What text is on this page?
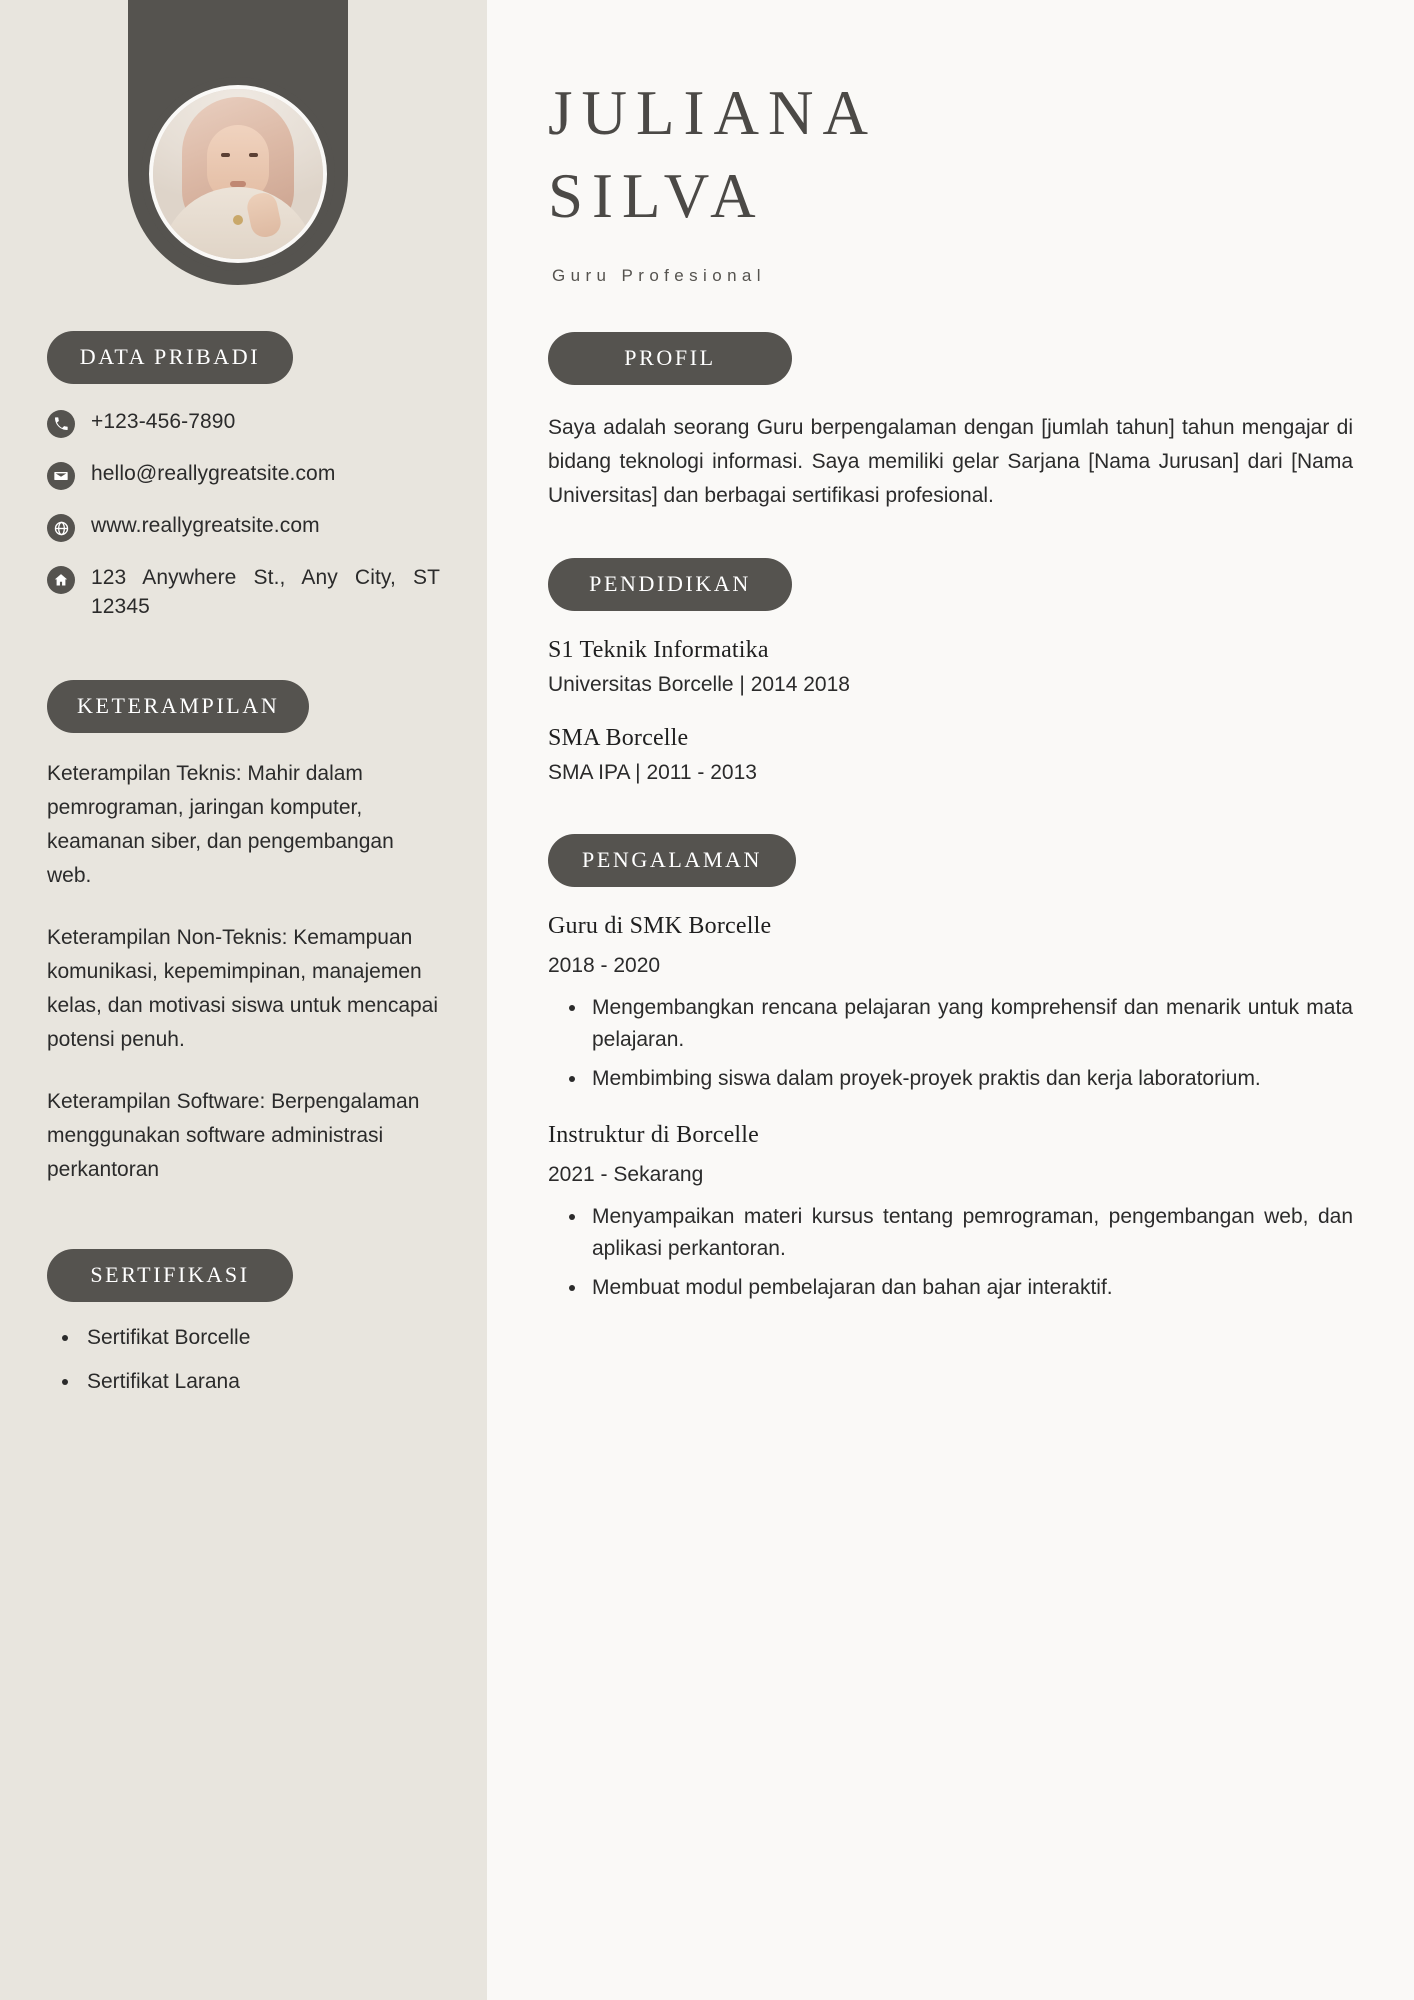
DATA PRIBADI
+123-456-7890
hello@reallygreatsite.com
www.reallygreatsite.com
123 Anywhere St., Any City, ST 12345
KETERAMPILAN

Keterampilan Teknis: Mahir dalam pemrograman, jaringan komputer, keamanan siber, dan pengembangan web.

Keterampilan Non-Teknis: Kemampuan komunikasi, kepemimpinan, manajemen kelas, dan motivasi siswa untuk mencapai potensi penuh.

Keterampilan Software: Berpengalaman menggunakan software administrasi perkantoran

SERTIFIKASI
• Sertifikat Borcelle
• Sertifikat Larana
JULIANA
SILVA
Guru Profesional
PROFIL

Saya adalah seorang Guru berpengalaman dengan [jumlah tahun] tahun mengajar di bidang teknologi informasi. Saya memiliki gelar Sarjana [Nama Jurusan] dari [Nama Universitas] dan berbagai sertifikasi profesional.

PENDIDIKAN
S1 Teknik Informatika

Universitas Borcelle | 2014 2018

SMA Borcelle

SMA IPA | 2011 - 2013

PENGALAMAN
Guru di SMK Borcelle

2018 - 2020

• Mengembangkan rencana pelajaran yang komprehensif dan menarik untuk mata pelajaran.
• Membimbing siswa dalam proyek-proyek praktis dan kerja laboratorium.
Instruktur di Borcelle

2021 - Sekarang

• Menyampaikan materi kursus tentang pemrograman, pengembangan web, dan aplikasi perkantoran.
• Membuat modul pembelajaran dan bahan ajar interaktif.
